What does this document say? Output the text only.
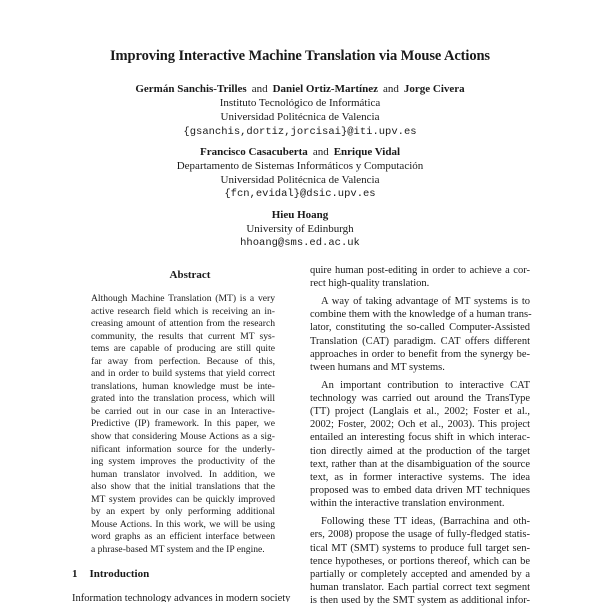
Improving Interactive Machine Translation via Mouse Actions
Germán Sanchis-Trilles and Daniel Ortiz-Martínez and Jorge Civera
Instituto Tecnológico de Informática
Universidad Politécnica de Valencia
{gsanchis,dortiz,jorcisai}@iti.upv.es
Francisco Casacuberta and Enrique Vidal
Departamento de Sistemas Informáticos y Computación
Universidad Politécnica de Valencia
{fcn,evidal}@dsic.upv.es
Hieu Hoang
University of Edinburgh
hhoang@sms.ed.ac.uk
Abstract
Although Machine Translation (MT) is a very
active research field which is receiving an in-
creasing amount of attention from the research
community, the results that current MT sys-
tems are capable of producing are still quite
far away from perfection. Because of this,
and in order to build systems that yield correct
translations, human knowledge must be inte-
grated into the translation process, which will
be carried out in our case in an Interactive-
Predictive (IP) framework. In this paper, we
show that considering Mouse Actions as a sig-
nificant information source for the underly-
ing system improves the productivity of the
human translator involved. In addition, we
also show that the initial translations that the
MT system provides can be quickly improved
by an expert by only performing additional
Mouse Actions. In this work, we will be using
word graphs as an efficient interface between
a phrase-based MT system and the IP engine.
1 Introduction
Information technology advances in modern society
quire human post-editing in order to achieve a cor-
rect high-quality translation.
A way of taking advantage of MT systems is to
combine them with the knowledge of a human trans-
lator, constituting the so-called Computer-Assisted
Translation (CAT) paradigm. CAT offers different
approaches in order to benefit from the synergy be-
tween humans and MT systems.
An important contribution to interactive CAT
technology was carried out around the TransType
(TT) project (Langlais et al., 2002; Foster et al.,
2002; Foster, 2002; Och et al., 2003). This project
entailed an interesting focus shift in which interac-
tion directly aimed at the production of the target
text, rather than at the disambiguation of the source
text, as in former interactive systems. The idea
proposed was to embed data driven MT techniques
within the interactive translation environment.
Following these TT ideas, (Barrachina and oth-
ers, 2008) propose the usage of fully-fledged statis-
tical MT (SMT) systems to produce full target sen-
tence hypotheses, or portions thereof, which can be
partially or completely accepted and amended by a
human translator. Each partial correct text segment
is then used by the SMT system as additional infor-
